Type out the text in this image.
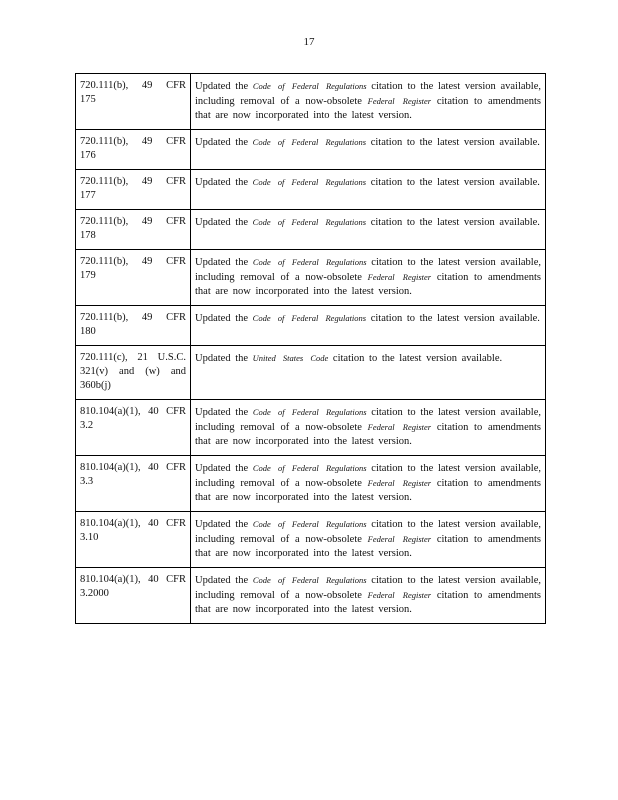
17
720.111(b), 49 CFR 175	Updated the Code of Federal Regulations citation to the latest version available, including removal of a now-obsolete Federal Register citation to amendments that are now incorporated into the latest version.
720.111(b), 49 CFR 176	Updated the Code of Federal Regulations citation to the latest version available.
720.111(b), 49 CFR 177	Updated the Code of Federal Regulations citation to the latest version available.
720.111(b), 49 CFR 178	Updated the Code of Federal Regulations citation to the latest version available.
720.111(b), 49 CFR 179	Updated the Code of Federal Regulations citation to the latest version available, including removal of a now-obsolete Federal Register citation to amendments that are now incorporated into the latest version.
720.111(b), 49 CFR 180	Updated the Code of Federal Regulations citation to the latest version available.
720.111(c), 21 U.S.C. 321(v) and (w) and 360b(j)	Updated the United States Code citation to the latest version available.
810.104(a)(1), 40 CFR 3.2	Updated the Code of Federal Regulations citation to the latest version available, including removal of a now-obsolete Federal Register citation to amendments that are now incorporated into the latest version.
810.104(a)(1), 40 CFR 3.3	Updated the Code of Federal Regulations citation to the latest version available, including removal of a now-obsolete Federal Register citation to amendments that are now incorporated into the latest version.
810.104(a)(1), 40 CFR 3.10	Updated the Code of Federal Regulations citation to the latest version available, including removal of a now-obsolete Federal Register citation to amendments that are now incorporated into the latest version.
810.104(a)(1), 40 CFR 3.2000	Updated the Code of Federal Regulations citation to the latest version available, including removal of a now-obsolete Federal Register citation to amendments that are now incorporated into the latest version.
